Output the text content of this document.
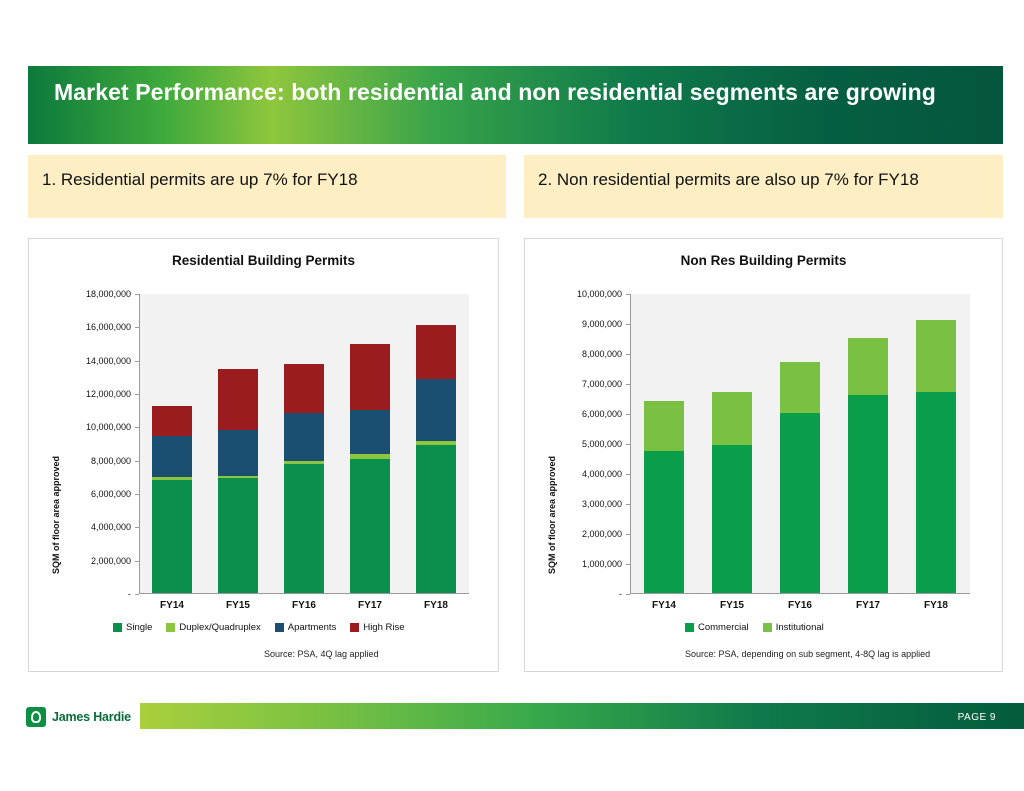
Market Performance: both residential and non residential segments are growing
1. Residential permits are up 7% for FY18	2. Non residential permits are also up 7% for FY18
Residential Building Permits
SQM of floor area approved
-
2,000,000
4,000,000
6,000,000
8,000,000
10,000,000
12,000,000
14,000,000
16,000,000
18,000,000
FY14	FY15	FY16	FY17	FY18
Single	Duplex/Quadruplex	Apartments	High Rise
Source: PSA, 4Q lag applied
Non Res Building Permits
SQM of floor area approved
-
1,000,000
2,000,000
3,000,000
4,000,000
5,000,000
6,000,000
7,000,000
8,000,000
9,000,000
10,000,000
FY14	FY15	FY16	FY17	FY18
Commercial	Institutional
Source: PSA, depending on sub segment, 4-8Q lag is applied
James Hardie	PAGE 9
